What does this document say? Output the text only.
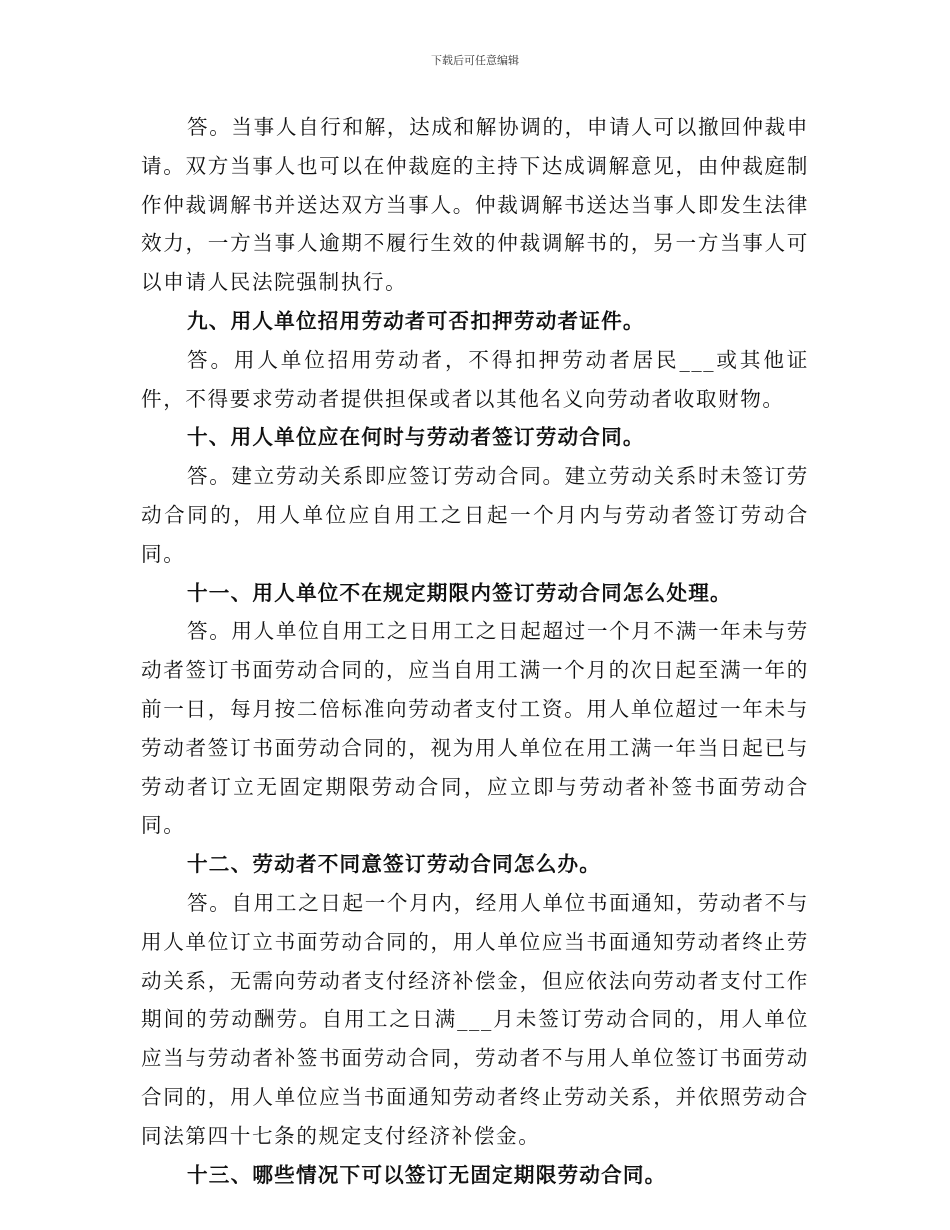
下载后可任意编辑

答。当事人自行和解，达成和解协调的，申请人可以撤回仲裁申请。双方当事人也可以在仲裁庭的主持下达成调解意见，由仲裁庭制作仲裁调解书并送达双方当事人。仲裁调解书送达当事人即发生法律效力，一方当事人逾期不履行生效的仲裁调解书的，另一方当事人可以申请人民法院强制执行。

九、用人单位招用劳动者可否扣押劳动者证件。

答。用人单位招用劳动者，不得扣押劳动者居民___或其他证件，不得要求劳动者提供担保或者以其他名义向劳动者收取财物。

十、用人单位应在何时与劳动者签订劳动合同。

答。建立劳动关系即应签订劳动合同。建立劳动关系时未签订劳动合同的，用人单位应自用工之日起一个月内与劳动者签订劳动合同。

十一、用人单位不在规定期限内签订劳动合同怎么处理。

答。用人单位自用工之日用工之日起超过一个月不满一年未与劳动者签订书面劳动合同的，应当自用工满一个月的次日起至满一年的前一日，每月按二倍标准向劳动者支付工资。用人单位超过一年未与劳动者签订书面劳动合同的，视为用人单位在用工满一年当日起已与劳动者订立无固定期限劳动合同，应立即与劳动者补签书面劳动合同。

十二、劳动者不同意签订劳动合同怎么办。

答。自用工之日起一个月内，经用人单位书面通知，劳动者不与用人单位订立书面劳动合同的，用人单位应当书面通知劳动者终止劳动关系，无需向劳动者支付经济补偿金，但应依法向劳动者支付工作期间的劳动酬劳。自用工之日满___月未签订劳动合同的，用人单位应当与劳动者补签书面劳动合同，劳动者不与用人单位签订书面劳动合同的，用人单位应当书面通知劳动者终止劳动关系，并依照劳动合同法第四十七条的规定支付经济补偿金。

十三、哪些情况下可以签订无固定期限劳动合同。
